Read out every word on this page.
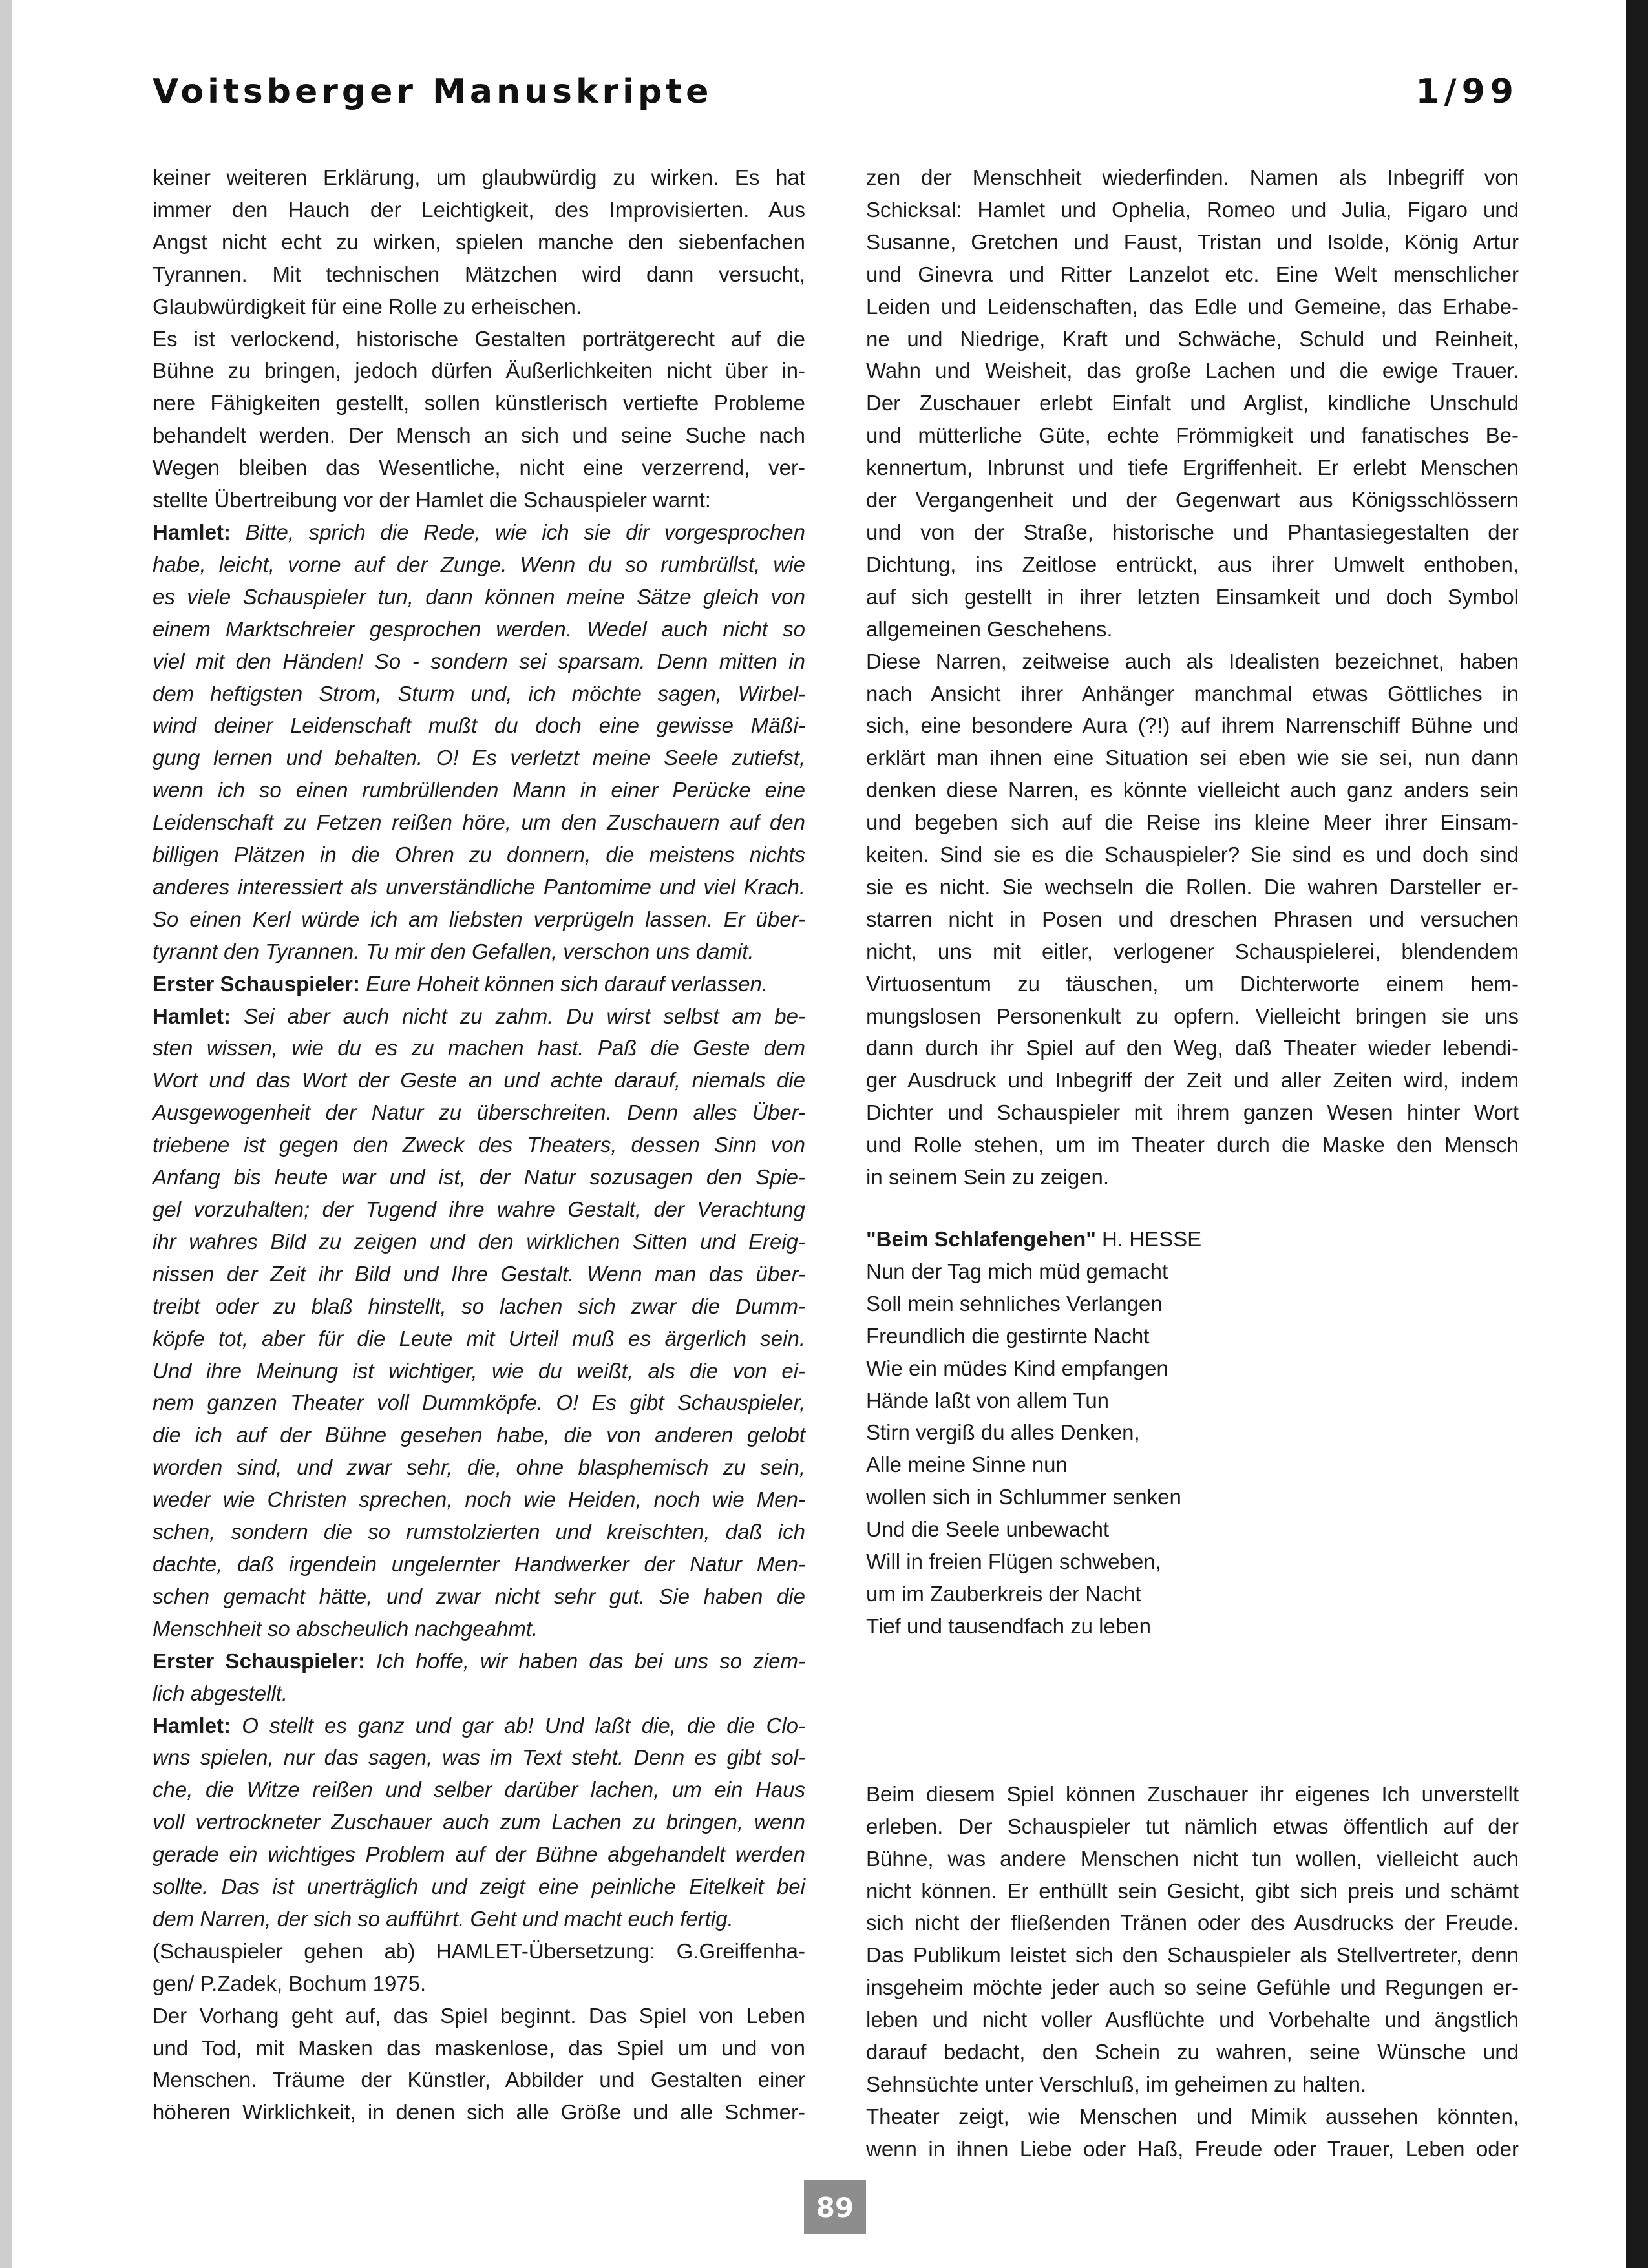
Voitsberger Manuskripte	1/99
keiner weiteren Erklärung, um glaubwürdig zu wirken. Es hat
immer den Hauch der Leichtigkeit, des Improvisierten. Aus
Angst nicht echt zu wirken, spielen manche den siebenfachen
Tyrannen. Mit technischen Mätzchen wird dann versucht,
Glaubwürdigkeit für eine Rolle zu erheischen.
Es ist verlockend, historische Gestalten porträtgerecht auf die
Bühne zu bringen, jedoch dürfen Äußerlichkeiten nicht über in-
nere Fähigkeiten gestellt, sollen künstlerisch vertiefte Probleme
behandelt werden. Der Mensch an sich und seine Suche nach
Wegen bleiben das Wesentliche, nicht eine verzerrend, ver-
stellte Übertreibung vor der Hamlet die Schauspieler warnt:
Hamlet: Bitte, sprich die Rede, wie ich sie dir vorgesprochen
habe, leicht, vorne auf der Zunge. Wenn du so rumbrüllst, wie
es viele Schauspieler tun, dann können meine Sätze gleich von
einem Marktschreier gesprochen werden. Wedel auch nicht so
viel mit den Händen! So - sondern sei sparsam. Denn mitten in
dem heftigsten Strom, Sturm und, ich möchte sagen, Wirbel-
wind deiner Leidenschaft mußt du doch eine gewisse Mäßi-
gung lernen und behalten. O! Es verletzt meine Seele zutiefst,
wenn ich so einen rumbrüllenden Mann in einer Perücke eine
Leidenschaft zu Fetzen reißen höre, um den Zuschauern auf den
billigen Plätzen in die Ohren zu donnern, die meistens nichts
anderes interessiert als unverständliche Pantomime und viel Krach.
So einen Kerl würde ich am liebsten verprügeln lassen. Er über-
tyrannt den Tyrannen. Tu mir den Gefallen, verschon uns damit.
Erster Schauspieler: Eure Hoheit können sich darauf verlassen.
Hamlet: Sei aber auch nicht zu zahm. Du wirst selbst am be-
sten wissen, wie du es zu machen hast. Paß die Geste dem
Wort und das Wort der Geste an und achte darauf, niemals die
Ausgewogenheit der Natur zu überschreiten. Denn alles Über-
triebene ist gegen den Zweck des Theaters, dessen Sinn von
Anfang bis heute war und ist, der Natur sozusagen den Spie-
gel vorzuhalten; der Tugend ihre wahre Gestalt, der Verachtung
ihr wahres Bild zu zeigen und den wirklichen Sitten und Ereig-
nissen der Zeit ihr Bild und Ihre Gestalt. Wenn man das über-
treibt oder zu blaß hinstellt, so lachen sich zwar die Dumm-
köpfe tot, aber für die Leute mit Urteil muß es ärgerlich sein.
Und ihre Meinung ist wichtiger, wie du weißt, als die von ei-
nem ganzen Theater voll Dummköpfe. O! Es gibt Schauspieler,
die ich auf der Bühne gesehen habe, die von anderen gelobt
worden sind, und zwar sehr, die, ohne blasphemisch zu sein,
weder wie Christen sprechen, noch wie Heiden, noch wie Men-
schen, sondern die so rumstolzierten und kreischten, daß ich
dachte, daß irgendein ungelernter Handwerker der Natur Men-
schen gemacht hätte, und zwar nicht sehr gut. Sie haben die
Menschheit so abscheulich nachgeahmt.
Erster Schauspieler: Ich hoffe, wir haben das bei uns so ziem-
lich abgestellt.
Hamlet: O stellt es ganz und gar ab! Und laßt die, die die Clo-
wns spielen, nur das sagen, was im Text steht. Denn es gibt sol-
che, die Witze reißen und selber darüber lachen, um ein Haus
voll vertrockneter Zuschauer auch zum Lachen zu bringen, wenn
gerade ein wichtiges Problem auf der Bühne abgehandelt werden
sollte. Das ist unerträglich und zeigt eine peinliche Eitelkeit bei
dem Narren, der sich so aufführt. Geht und macht euch fertig.
(Schauspieler gehen ab) HAMLET-Übersetzung: G.Greiffenha-
gen/ P.Zadek, Bochum 1975.
Der Vorhang geht auf, das Spiel beginnt. Das Spiel von Leben
und Tod, mit Masken das maskenlose, das Spiel um und von
Menschen. Träume der Künstler, Abbilder und Gestalten einer
höheren Wirklichkeit, in denen sich alle Größe und alle Schmer-
zen der Menschheit wiederfinden. Namen als Inbegriff von
Schicksal: Hamlet und Ophelia, Romeo und Julia, Figaro und
Susanne, Gretchen und Faust, Tristan und Isolde, König Artur
und Ginevra und Ritter Lanzelot etc. Eine Welt menschlicher
Leiden und Leidenschaften, das Edle und Gemeine, das Erhabe-
ne und Niedrige, Kraft und Schwäche, Schuld und Reinheit,
Wahn und Weisheit, das große Lachen und die ewige Trauer.
Der Zuschauer erlebt Einfalt und Arglist, kindliche Unschuld
und mütterliche Güte, echte Frömmigkeit und fanatisches Be-
kennertum, Inbrunst und tiefe Ergriffenheit. Er erlebt Menschen
der Vergangenheit und der Gegenwart aus Königsschlössern
und von der Straße, historische und Phantasiegestalten der
Dichtung, ins Zeitlose entrückt, aus ihrer Umwelt enthoben,
auf sich gestellt in ihrer letzten Einsamkeit und doch Symbol
allgemeinen Geschehens.
Diese Narren, zeitweise auch als Idealisten bezeichnet, haben
nach Ansicht ihrer Anhänger manchmal etwas Göttliches in
sich, eine besondere Aura (?!) auf ihrem Narrenschiff Bühne und
erklärt man ihnen eine Situation sei eben wie sie sei, nun dann
denken diese Narren, es könnte vielleicht auch ganz anders sein
und begeben sich auf die Reise ins kleine Meer ihrer Einsam-
keiten. Sind sie es die Schauspieler? Sie sind es und doch sind
sie es nicht. Sie wechseln die Rollen. Die wahren Darsteller er-
starren nicht in Posen und dreschen Phrasen und versuchen
nicht, uns mit eitler, verlogener Schauspielerei, blendendem
Virtuosentum zu täuschen, um Dichterworte einem hem-
mungslosen Personenkult zu opfern. Vielleicht bringen sie uns
dann durch ihr Spiel auf den Weg, daß Theater wieder lebendi-
ger Ausdruck und Inbegriff der Zeit und aller Zeiten wird, indem
Dichter und Schauspieler mit ihrem ganzen Wesen hinter Wort
und Rolle stehen, um im Theater durch die Maske den Mensch
in seinem Sein zu zeigen.
"Beim Schlafengehen" H. HESSE
Nun der Tag mich müd gemacht
Soll mein sehnliches Verlangen
Freundlich die gestirnte Nacht
Wie ein müdes Kind empfangen
Hände laßt von allem Tun
Stirn vergiß du alles Denken,
Alle meine Sinne nun
wollen sich in Schlummer senken
Und die Seele unbewacht
Will in freien Flügen schweben,
um im Zauberkreis der Nacht
Tief und tausendfach zu leben
Beim diesem Spiel können Zuschauer ihr eigenes Ich unverstellt
erleben. Der Schauspieler tut nämlich etwas öffentlich auf der
Bühne, was andere Menschen nicht tun wollen, vielleicht auch
nicht können. Er enthüllt sein Gesicht, gibt sich preis und schämt
sich nicht der fließenden Tränen oder des Ausdrucks der Freude.
Das Publikum leistet sich den Schauspieler als Stellvertreter, denn
insgeheim möchte jeder auch so seine Gefühle und Regungen er-
leben und nicht voller Ausflüchte und Vorbehalte und ängstlich
darauf bedacht, den Schein zu wahren, seine Wünsche und
Sehnsüchte unter Verschluß, im geheimen zu halten.
Theater zeigt, wie Menschen und Mimik aussehen könnten,
wenn in ihnen Liebe oder Haß, Freude oder Trauer, Leben oder
89
